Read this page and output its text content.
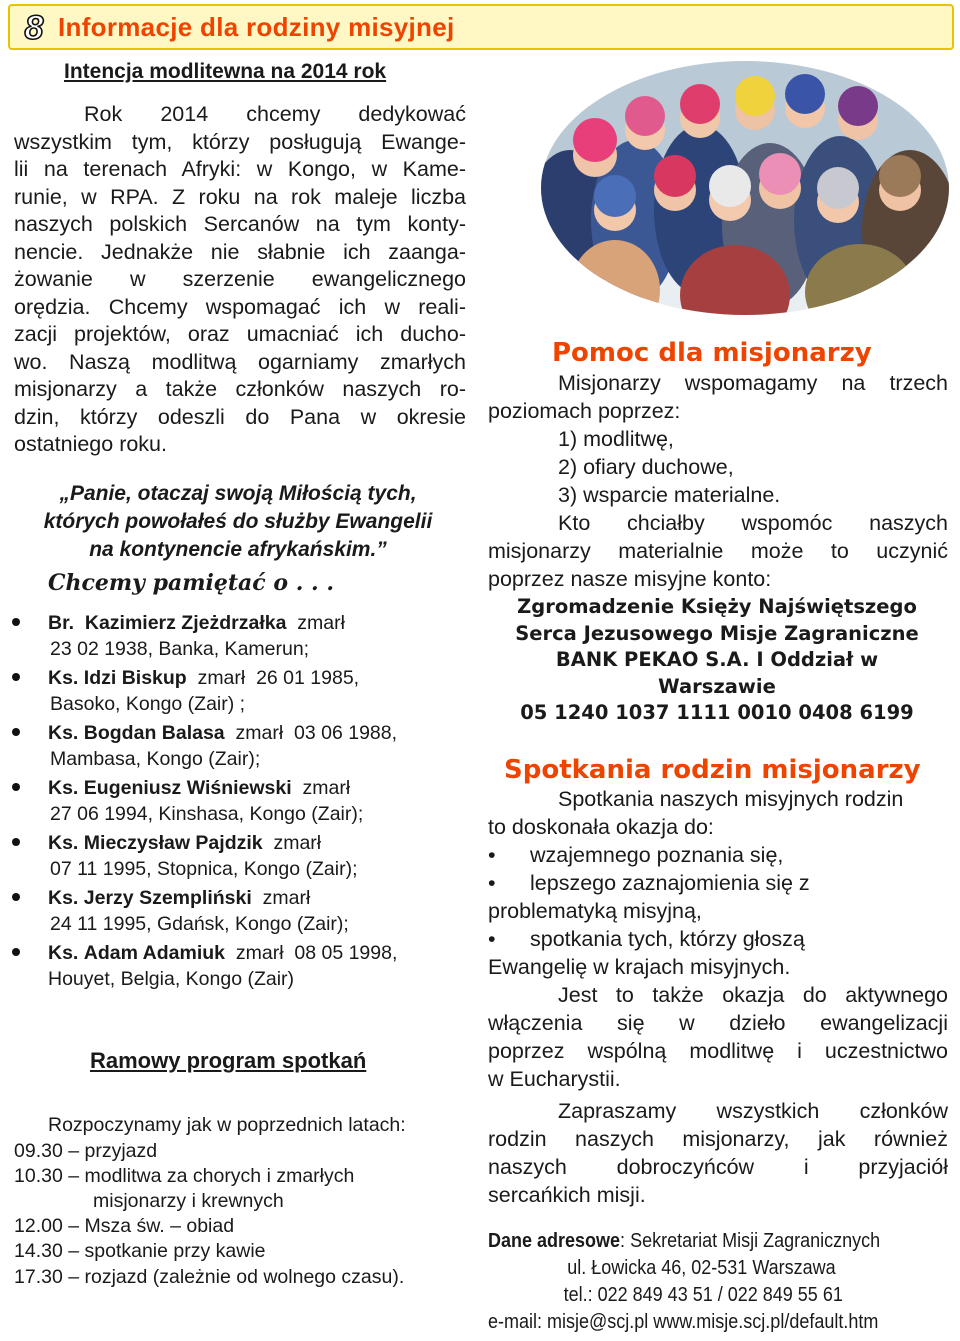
8 Informacje dla rodziny misyjnej
Intencja modlitewna na 2014 rok
Rok 2014 chcemy dedykować
wszystkim tym, którzy posługują Ewange-
lii na terenach Afryki: w Kongo, w Kame-
runie, w RPA. Z roku na rok maleje liczba
naszych polskich Sercanów na tym konty-
nencie. Jednakże nie słabnie ich zaanga-
żowanie w szerzenie ewangelicznego
orędzia. Chcemy wspomagać ich w reali-
zacji projektów, oraz umacniać ich ducho-
wo. Naszą modlitwą ogarniamy zmarłych
misjonarzy a także członków naszych ro-
dzin, którzy odeszli do Pana w okresie
ostatniego roku.
„Panie, otaczaj swoją Miłością tych,
których powołałeś do służby Ewangelii
na kontynencie afrykańskim.”
Chcemy pamiętać o . . .
Br. Kazimierz Zjeżdrzałka zmarł
23 02 1938, Banka, Kamerun;
Ks. Idzi Biskup zmarł 26 01 1985,
Basoko, Kongo (Zair) ;
Ks. Bogdan Balasa zmarł 03 06 1988,
Mambasa, Kongo (Zair);
Ks. Eugeniusz Wiśniewski zmarł
27 06 1994, Kinshasa, Kongo (Zair);
Ks. Mieczysław Pajdzik zmarł
07 11 1995, Stopnica, Kongo (Zair);
Ks. Jerzy Szempliński zmarł
24 11 1995, Gdańsk, Kongo (Zair);
Ks. Adam Adamiuk zmarł 08 05 1998,
Houyet, Belgia, Kongo (Zair)
Ramowy program spotkań
Rozpoczynamy jak w poprzednich latach:
09.30 – przyjazd
10.30 – modlitwa za chorych i zmarłych
misjonarzy i krewnych
12.00 – Msza św. – obiad
14.30 – spotkanie przy kawie
17.30 – rozjazd (zależnie od wolnego czasu).
Pomoc dla misjonarzy
Misjonarzy wspomagamy na trzech
poziomach poprzez:
1) modlitwę,
2) ofiary duchowe,
3) wsparcie materialne.
Kto chciałby wspomóc naszych
misjonarzy materialnie może to uczynić
poprzez nasze misyjne konto:
Zgromadzenie Księży Najświętszego
Serca Jezusowego Misje Zagraniczne
BANK PEKAO S.A. I Oddział w
Warszawie
05 1240 1037 1111 0010 0408 6199
Spotkania rodzin misjonarzy
Spotkania naszych misyjnych rodzin
to doskonała okazja do:
• wzajemnego poznania się,
• lepszego zaznajomienia się z
problematyką misyjną,
• spotkania tych, którzy głoszą
Ewangelię w krajach misyjnych.
Jest to także okazja do aktywnego
włączenia się w dzieło ewangelizacji
poprzez wspólną modlitwę i uczestnictwo
w Eucharystii.
Zapraszamy wszystkich członków
rodzin naszych misjonarzy, jak również
naszych dobroczyńców i przyjaciół
sercańkich misji.
Dane adresowe: Sekretariat Misji Zagranicznych
ul. Łowicka 46, 02-531 Warszawa
tel.: 022 849 43 51 / 022 849 55 61
e-mail: misje@scj.pl www.misje.scj.pl/default.htm
